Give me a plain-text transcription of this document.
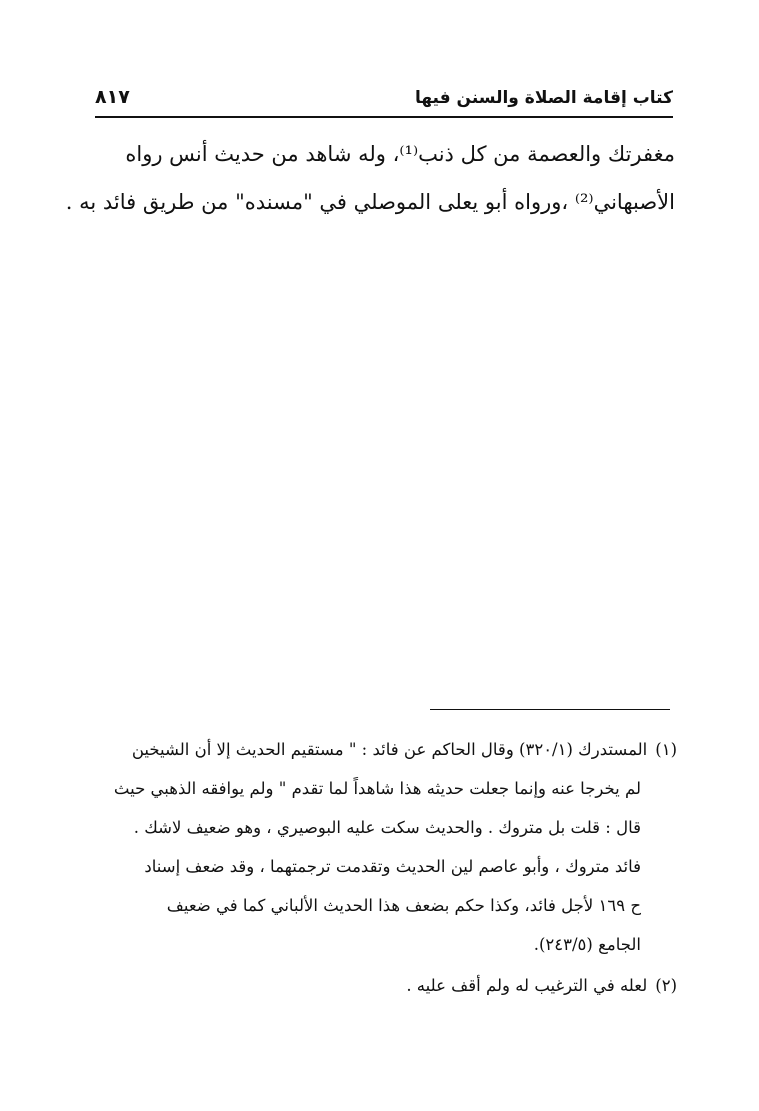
كتاب إقامة الصلاة والسنن فيها
٨١٧
مغفرتك والعصمة من كل ذنب⁽¹⁾، وله شاهد من حديث أنس رواه
الأصبهاني⁽²⁾ ،ورواه أبو يعلى الموصلي في "مسنده" من طريق فائد به .
(١)المستدرك (٣٢٠/١) وقال الحاكم عن فائد : " مستقيم الحديث إلا أن الشيخين
لم يخرجا عنه وإنما جعلت حديثه هذا شاهداً لما تقدم " ولم يوافقه الذهبي حيث
قال : قلت بل متروك . والحديث سكت عليه البوصيري ، وهو ضعيف لاشك .
فائد متروك ، وأبو عاصم لين الحديث وتقدمت ترجمتهما ، وقد ضعف إسناد
ح ١٦٩ لأجل فائد، وكذا حكم بضعف هذا الحديث الألباني كما في ضعيف
الجامع (٢٤٣/٥).
(٢)لعله في الترغيب له ولم أقف عليه .
